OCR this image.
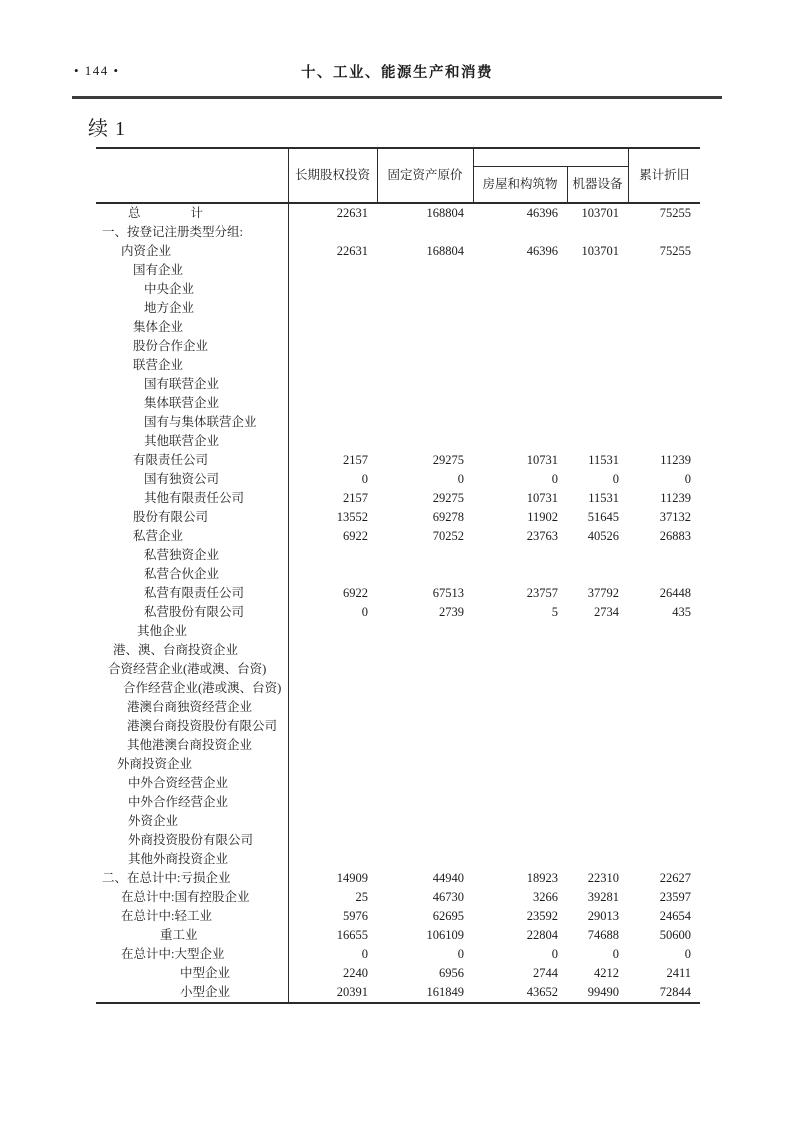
• 144 •	十、工业、能源生产和消费
续 1
	长期股权投资	固定资产原价			累计折旧
			房屋和构筑物	机器设备	
总　　　　计	22631	168804	46396	103701	75255
一、按登记注册类型分组:					
内资企业	22631	168804	46396	103701	75255
国有企业					
中央企业					
地方企业					
集体企业					
股份合作企业					
联营企业					
国有联营企业					
集体联营企业					
国有与集体联营企业					
其他联营企业					
有限责任公司	2157	29275	10731	11531	11239
国有独资公司	0	0	0	0	0
其他有限责任公司	2157	29275	10731	11531	11239
股份有限公司	13552	69278	11902	51645	37132
私营企业	6922	70252	23763	40526	26883
私营独资企业					
私营合伙企业					
私营有限责任公司	6922	67513	23757	37792	26448
私营股份有限公司	0	2739	5	2734	435
其他企业					
港、澳、台商投资企业					
合资经营企业(港或澳、台资)					
合作经营企业(港或澳、台资)					
港澳台商独资经营企业					
港澳台商投资股份有限公司					
其他港澳台商投资企业					
外商投资企业					
中外合资经营企业					
中外合作经营企业					
外资企业					
外商投资股份有限公司					
其他外商投资企业					
二、在总计中:亏损企业	14909	44940	18923	22310	22627
在总计中:国有控股企业	25	46730	3266	39281	23597
在总计中:轻工业	5976	62695	23592	29013	24654
重工业	16655	106109	22804	74688	50600
在总计中:大型企业	0	0	0	0	0
中型企业	2240	6956	2744	4212	2411
小型企业	20391	161849	43652	99490	72844
